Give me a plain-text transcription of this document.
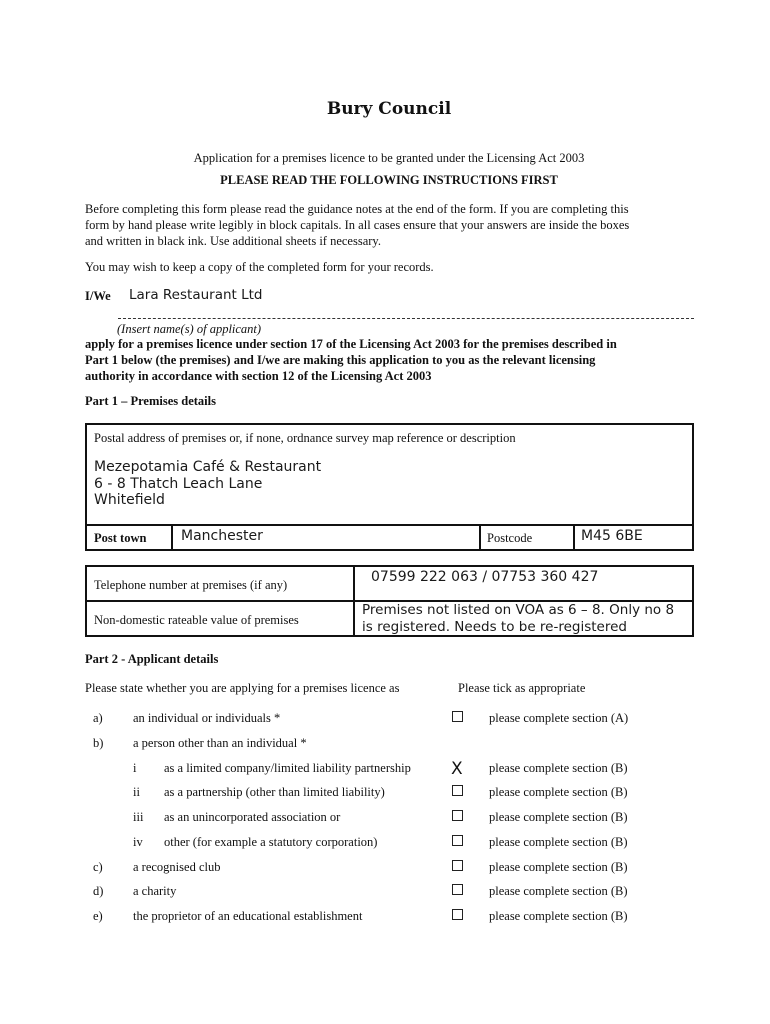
Bury Council
Application for a premises licence to be granted under the Licensing Act 2003
PLEASE READ THE FOLLOWING INSTRUCTIONS FIRST
Before completing this form please read the guidance notes at the end of the form. If you are completing this
form by hand please write legibly in block capitals. In all cases ensure that your answers are inside the boxes
and written in black ink. Use additional sheets if necessary.
You may wish to keep a copy of the completed form for your records.
I/We Lara Restaurant Ltd
(Insert name(s) of applicant)
apply for a premises licence under section 17 of the Licensing Act 2003 for the premises described in
Part 1 below (the premises) and I/we are making this application to you as the relevant licensing
authority in accordance with section 12 of the Licensing Act 2003
Part 1 – Premises details
Postal address of premises or, if none, ordnance survey map reference or description
Mezepotamia Café & Restaurant
6 - 8 Thatch Leach Lane
Whitefield
Post town Manchester	Postcode	M45 6BE
Telephone number at premises (if any)	07599 222 063 / 07753 360 427
Non-domestic rateable value of premises
Premises not listed on VOA as 6 – 8. Only no 8
is registered. Needs to be re-registered
Part 2 - Applicant details
Please state whether you are applying for a premises licence as	Please tick as appropriate
a) an individual or individuals *	please complete section (A)
b) a person other than an individual *
i as a limited company/limited liability partnership X please complete section (B)
ii as a partnership (other than limited liability)	please complete section (B)
iii as an unincorporated association or	please complete section (B)
iv other (for example a statutory corporation)	please complete section (B)
c) a recognised club	please complete section (B)
d) a charity	please complete section (B)
e) the proprietor of an educational establishment	please complete section (B)
